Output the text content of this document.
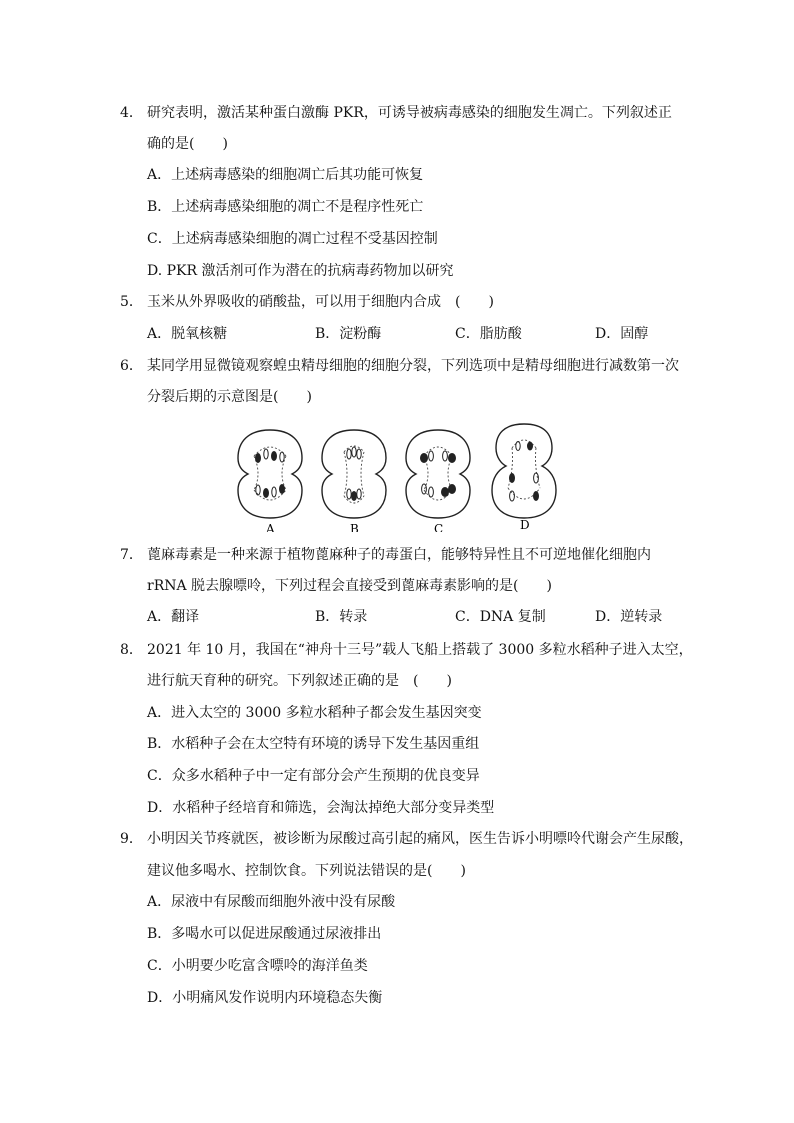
4． 研究表明，激活某种蛋白激酶 PKR，可诱导被病毒感染的细胞发生凋亡。下列叙述正
确的是(　　)
A．上述病毒感染的细胞凋亡后其功能可恢复
B．上述病毒感染细胞的凋亡不是程序性死亡
C．上述病毒感染细胞的凋亡过程不受基因控制
D. PKR 激活剂可作为潜在的抗病毒药物加以研究
5． 玉米从外界吸收的硝酸盐，可以用于细胞内合成　(　　)
A．脱氧核糖	B．淀粉酶	C．脂肪酸	D．固醇
6． 某同学用显微镜观察蝗虫精母细胞的细胞分裂，下列选项中是精母细胞进行减数第一次
分裂后期的示意图是(　　)
A	B	C	D
7． 蓖麻毒素是一种来源于植物蓖麻种子的毒蛋白，能够特异性且不可逆地催化细胞内
rRNA 脱去腺嘌呤，下列过程会直接受到蓖麻毒素影响的是(　　)
A．翻译	B．转录	C．DNA 复制	D．逆转录
8． 2021 年 10 月，我国在“神舟十三号”载人飞船上搭载了 3000 多粒水稻种子进入太空，
进行航天育种的研究。下列叙述正确的是　(　　)
A．进入太空的 3000 多粒水稻种子都会发生基因突变
B．水稻种子会在太空特有环境的诱导下发生基因重组
C．众多水稻种子中一定有部分会产生预期的优良变异
D．水稻种子经培育和筛选，会淘汰掉绝大部分变异类型
9． 小明因关节疼就医，被诊断为尿酸过高引起的痛风，医生告诉小明嘌呤代谢会产生尿酸，
建议他多喝水、控制饮食。下列说法错误的是(　　)
A．尿液中有尿酸而细胞外液中没有尿酸
B．多喝水可以促进尿酸通过尿液排出
C．小明要少吃富含嘌呤的海洋鱼类
D．小明痛风发作说明内环境稳态失衡
